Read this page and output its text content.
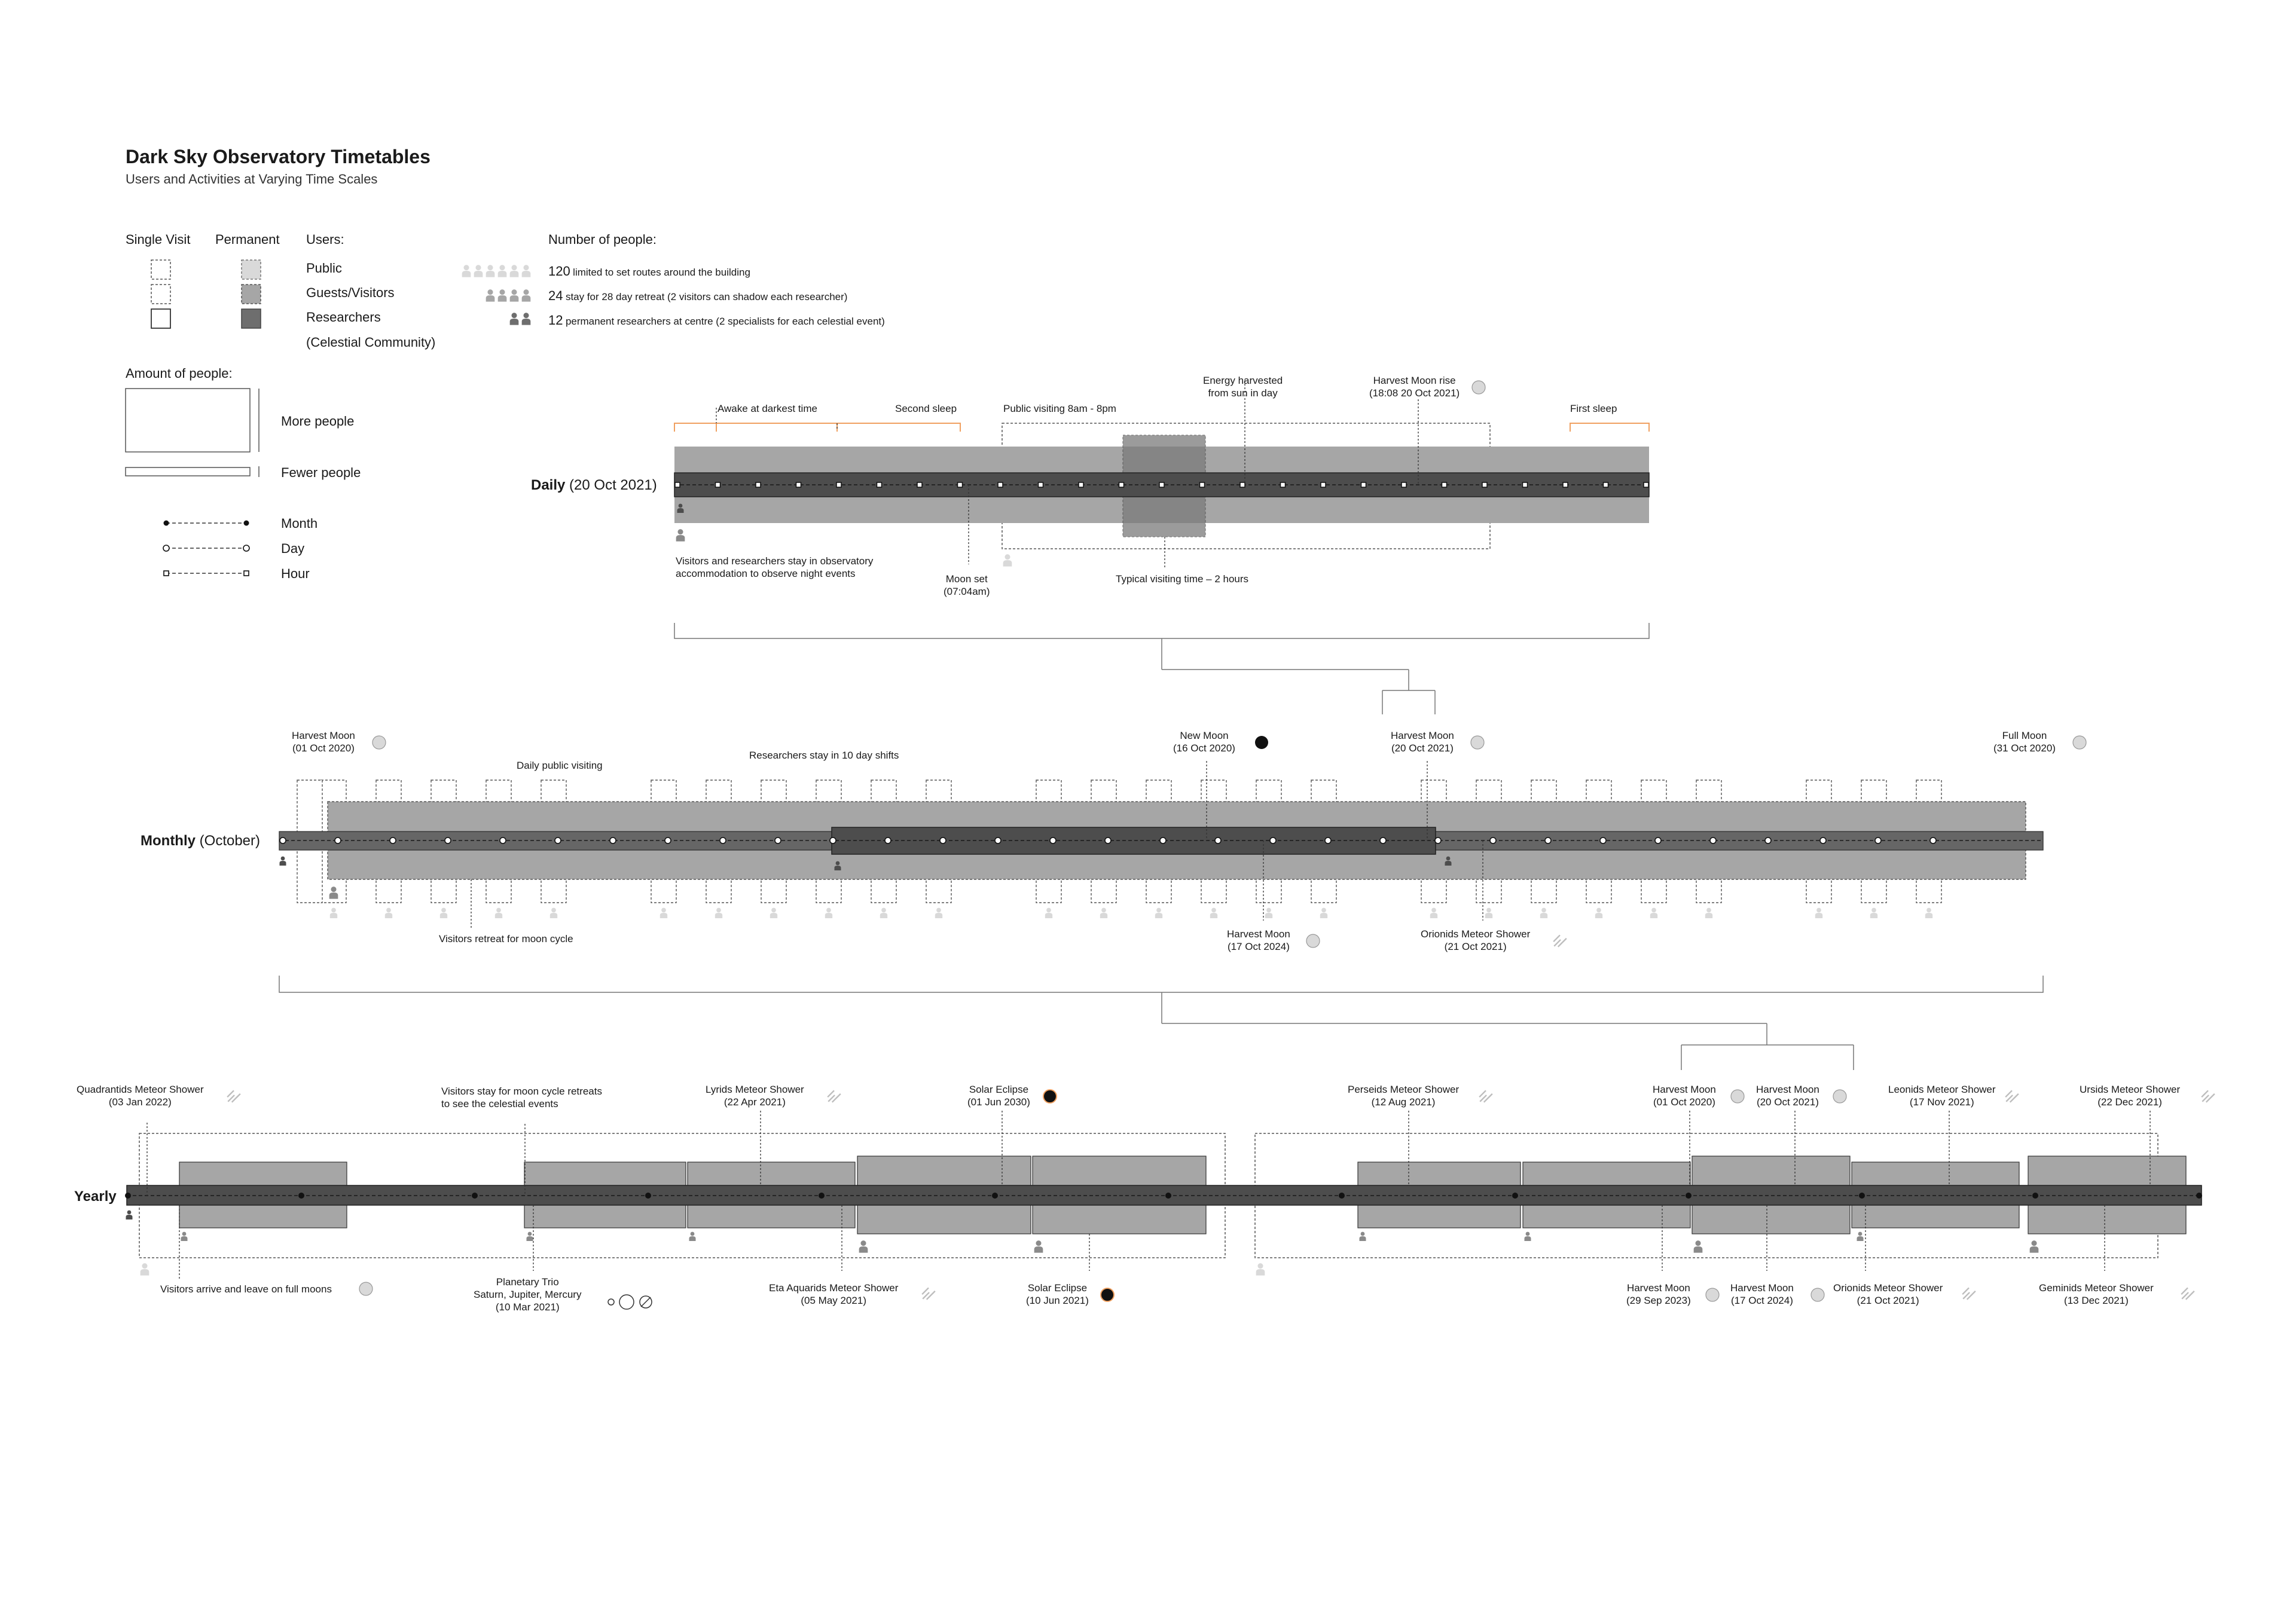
Dark Sky Observatory Timetables
Users and Activities at Varying Time Scales
Single Visit Permanent Users:	Number of people:
Public
Guests/Visitors
Researchers
(Celestial Community)
120 limited to set routes around the building
24 stay for 28 day retreat (2 visitors can shadow each researcher)
12 permanent researchers at centre (2 specialists for each celestial event)
Amount of people:
More people
Fewer people
Month
Day
Hour
Daily (20 Oct 2021)
Awake at darkest time	Second sleep	Public visiting 8am - 8pm
Energy harvested
from sun in day
Harvest Moon rise
(18:08 20 Oct 2021)
First sleep
Visitors and researchers stay in observatory
accommodation to observe night events	Moon set
(07:04am)
Typical visiting time – 2 hours
Monthly (October)
Harvest Moon
(01 Oct 2020)
Daily public visiting
Researchers stay in 10 day shifts
New Moon
(16 Oct 2020)
Harvest Moon
(20 Oct 2021)
Full Moon
(31 Oct 2020)
Visitors retreat for moon cycle	Harvest Moon
(17 Oct 2024)
Orionids Meteor Shower
(21 Oct 2021)
Yearly
Quadrantids Meteor Shower
(03 Jan 2022)
Visitors stay for moon cycle retreats
to see the celestial events
Lyrids Meteor Shower
(22 Apr 2021)
Solar Eclipse
(01 Jun 2030)
Perseids Meteor Shower
(12 Aug 2021)
Harvest Moon
(01 Oct 2020)
Harvest Moon
(20 Oct 2021)
Leonids Meteor Shower
(17 Nov 2021)
Ursids Meteor Shower
(22 Dec 2021)
Visitors arrive and leave on full moons
Planetary Trio
Saturn, Jupiter, Mercury
(10 Mar 2021)
Eta Aquarids Meteor Shower
(05 May 2021)
Solar Eclipse
(10 Jun 2021)
Harvest Moon
(29 Sep 2023)
Harvest Moon
(17 Oct 2024)
Orionids Meteor Shower
(21 Oct 2021)
Geminids Meteor Shower
(13 Dec 2021)
